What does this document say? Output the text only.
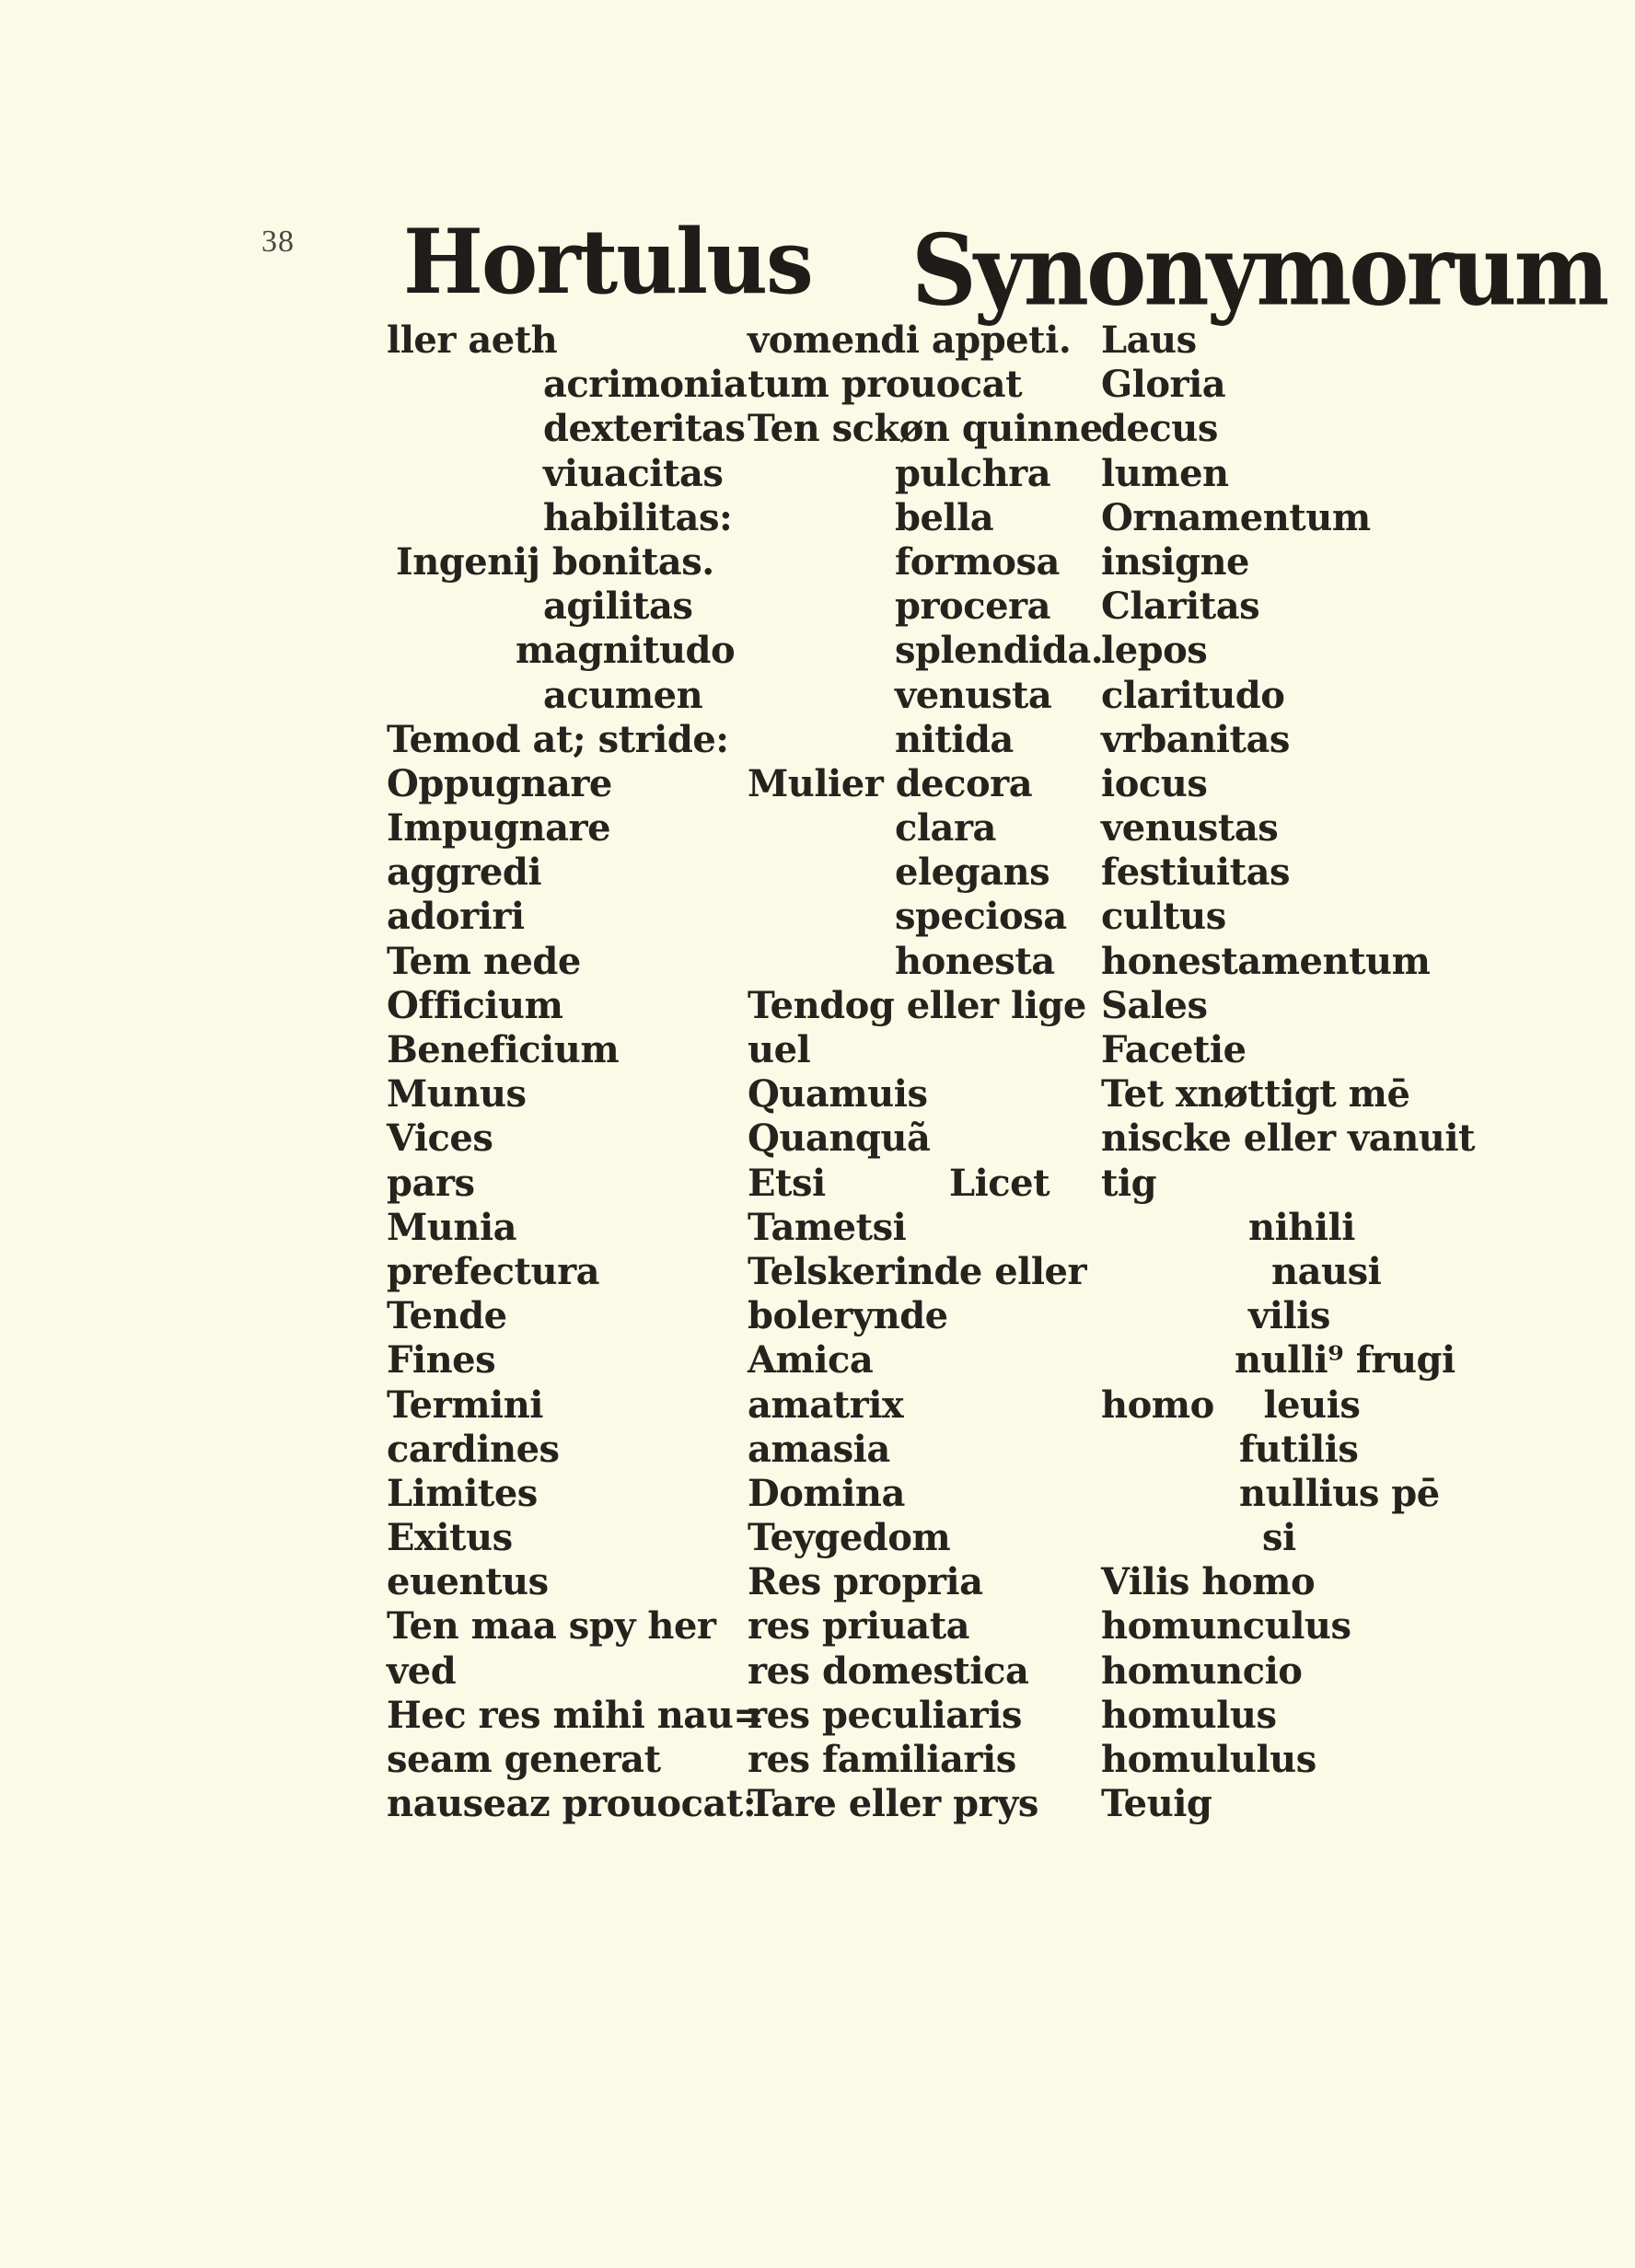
38 Hortulus Synonymorum
ller aeth
acrimonia
dexteritas
viuacitas
habilitas:
Ingenij bonitas.
agilitas
magnitudo
acumen
Temod at; stride:
Oppugnare
Impugnare
aggredi
adoriri
Tem nede
Officium
Beneficium
Munus
Vices
pars
Munia
prefectura
Tende
Fines
Termini
cardines
Limites
Exitus
euentus
Ten maa spy her
ved
Hec res mihi nau=
seam generat
nauseaz prouocat:
vomendi appeti.
tum prouocat
Ten sckøn quinne
pulchra
bella
formosa
procera
splendida.
venusta
nitida
Mulier decora
clara
elegans
speciosa
honesta
Tendog eller lige
uel
Quamuis
Quanquã
Etsi          Licet
Tametsi
Telskerinde eller
bolerynde
Amica
amatrix
amasia
Domina
Teygedom
Res propria
res priuata
res domestica
res peculiaris
res familiaris
Tare eller prys
Laus
Gloria
decus
lumen
Ornamentum
insigne
Claritas
lepos
claritudo
vrbanitas
iocus
venustas
festiuitas
cultus
honestamentum
Sales
Facetie
Tet xnøttigt mē
niscke eller vanuit
tig
nihili
nausi
vilis
nulli⁹ frugi
homo    leuis
futilis
nullius pē
si
Vilis homo
homunculus
homuncio
homulus
homululus
Teuig
